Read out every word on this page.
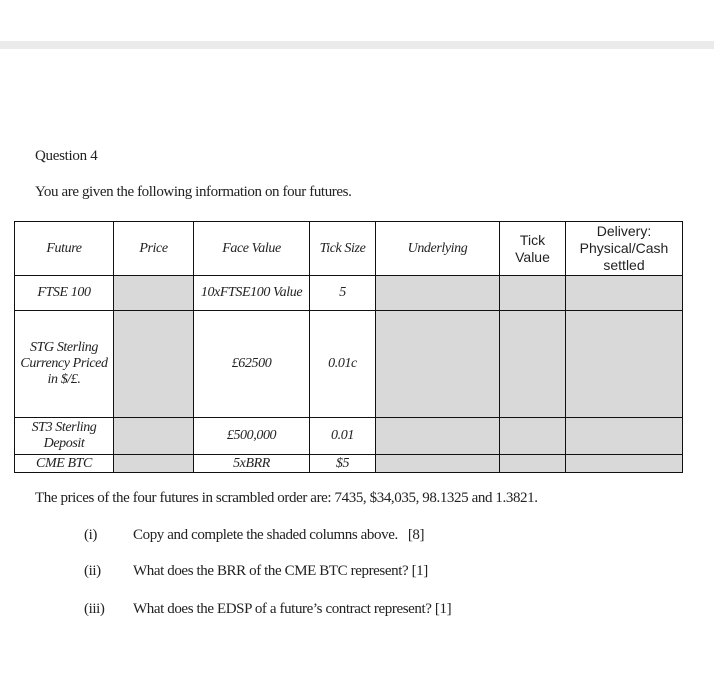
Question 4
You are given the following information on four futures.
Future	Price	Face Value	Tick Size	Underlying	Tick Value	Delivery: Physical/Cash settled
FTSE 100		10xFTSE100 Value	5			
STG Sterling Currency Priced in $/£.		£62500	0.01c			
ST3 Sterling Deposit		£500,000	0.01			
CME BTC		5xBRR	$5			
The prices of the four futures in scrambled order are: 7435, $34,035, 98.1325 and 1.3821.
(i) Copy and complete the shaded columns above. [8]
(ii) What does the BRR of the CME BTC represent? [1]
(iii) What does the EDSP of a future’s contract represent? [1]
